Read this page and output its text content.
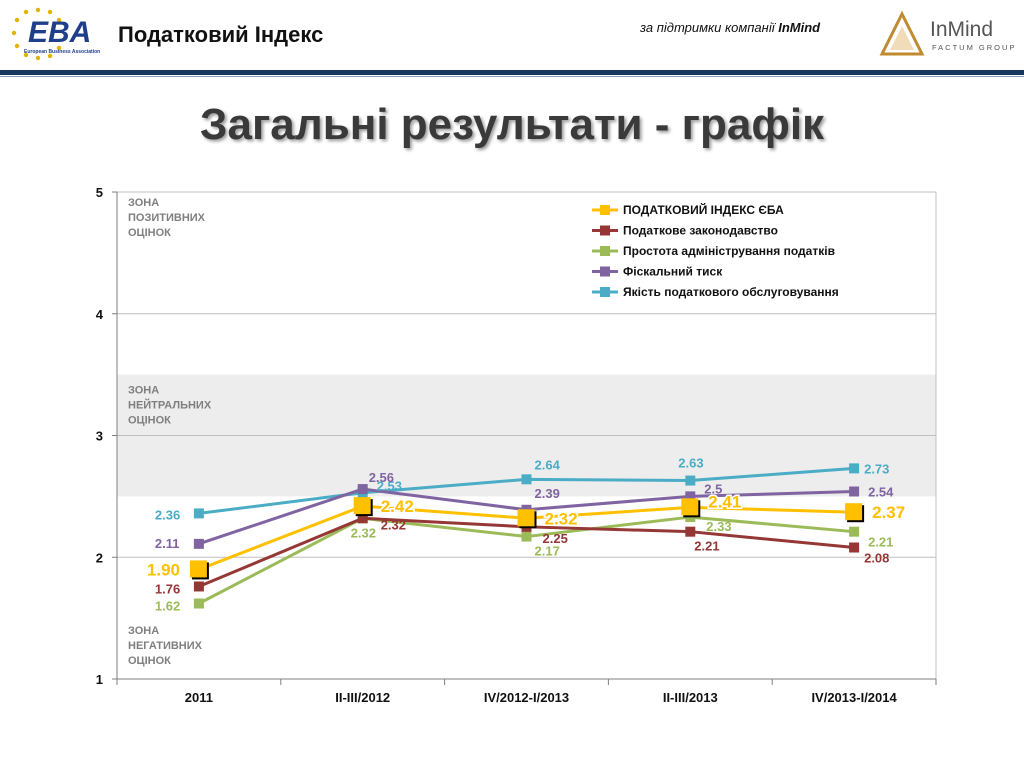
EBA
European Business Association
Податковий Індекс	за підтримки компанії InMind	InMind
FACTUM GROUP
Загальні результати - графік
1
2
3
4
5
2011	II-III/2012	IV/2012-I/2013	II-III/2013	IV/2013-I/2014
ЗОНА ПОЗИТИВНИХ ОЦІНОК
ЗОНА НЕЙТРАЛЬНИХ ОЦІНОК
ЗОНА НЕГАТИВНИХ ОЦІНОК
2.36
2.53
2.64	2.63	2.73
2.11
2.56
2.39	2.5	2.54
1.62
2.32
2.17
2.33
2.21
1.76
2.32
2.25
2.21
2.08
1.90
2.42
2.32
2.41
2.37
ПОДАТКОВИЙ ІНДЕКС ЄБА
Податкове законодавство
Простота адміністрування податків
Фіскальний тиск
Якість податкового обслуговування
